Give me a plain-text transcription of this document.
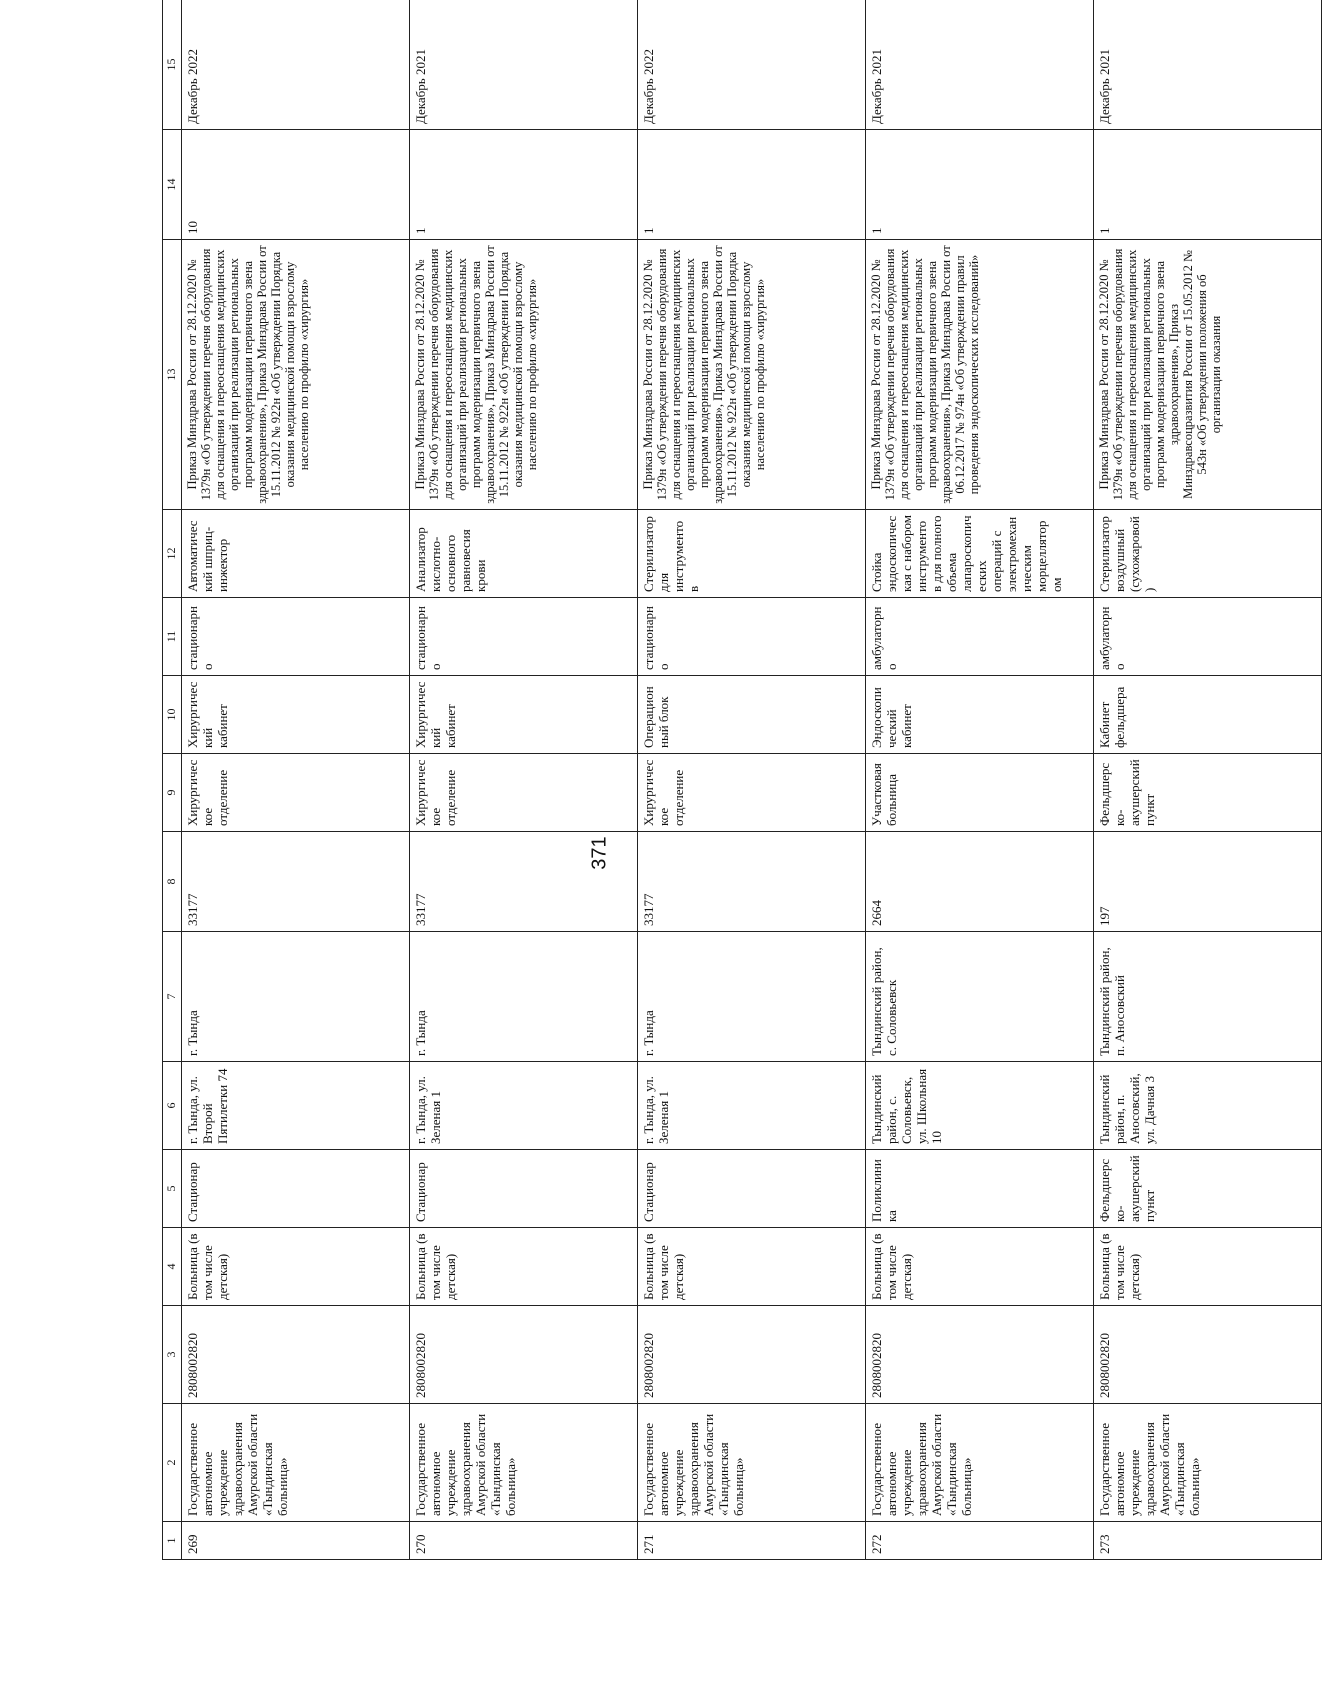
371
1	2	3	4	5	6	7	8	9	10	11	12	13	14	15
269	Государственное автономное учреждение здравоохранения Амурской области «Тындинская больница»	2808002820	Больница (в том числе детская)	Стационар	г. Тында, ул. Второй Пятилетки 74	г. Тында	33177	Хирургическое отделение	Хирургический кабинет	стационарно	Автоматический шприц-инжектор	Приказ Минздрава России от 28.12.2020 № 1379н «Об утверждении перечня оборудования для оснащения и переоснащения медицинских организаций при реализации региональных программ модернизации первичного звена здравоохранения», Приказ Минздрава России от 15.11.2012 № 922н «Об утверждении Порядка оказания медицинской помощи взрослому населению по профилю «хирургия»	10	Декабрь 2022
270	Государственное автономное учреждение здравоохранения Амурской области «Тындинская больница»	2808002820	Больница (в том числе детская)	Стационар	г. Тында, ул. Зеленая 1	г. Тында	33177	Хирургическое отделение	Хирургический кабинет	стационарно	Анализатор кислотно-основного равновесия крови	Приказ Минздрава России от 28.12.2020 № 1379н «Об утверждении перечня оборудования для оснащения и переоснащения медицинских организаций при реализации региональных программ модернизации первичного звена здравоохранения», Приказ Минздрава России от 15.11.2012 № 922н «Об утверждении Порядка оказания медицинской помощи взрослому населению по профилю «хирургия»	1	Декабрь 2021
271	Государственное автономное учреждение здравоохранения Амурской области «Тындинская больница»	2808002820	Больница (в том числе детская)	Стационар	г. Тында, ул. Зеленая 1	г. Тында	33177	Хирургическое отделение	Операционный блок	стационарно	Стерилизатор для инструментов	Приказ Минздрава России от 28.12.2020 № 1379н «Об утверждении перечня оборудования для оснащения и переоснащения медицинских организаций при реализации региональных программ модернизации первичного звена здравоохранения», Приказ Минздрава России от 15.11.2012 № 922н «Об утверждении Порядка оказания медицинской помощи взрослому населению по профилю «хирургия»	1	Декабрь 2022
272	Государственное автономное учреждение здравоохранения Амурской области «Тындинская больница»	2808002820	Больница (в том числе детская)	Поликлиника	Тындинский район, с. Соловьевск, ул. Школьная 10	Тындинский район, с. Соловьевск	2664	Участковая больница	Эндоскопический кабинет	амбулаторно	Стойка эндоскопическая с набором инструментов для полного объема лапароскопических операций с электромеханическим морцеллятором	Приказ Минздрава России от 28.12.2020 № 1379н «Об утверждении перечня оборудования для оснащения и переоснащения медицинских организаций при реализации региональных программ модернизации первичного звена здравоохранения», Приказ Минздрава России от 06.12.2017 № 974н «Об утверждении правил проведения эндоскопических исследований»	1	Декабрь 2021
273	Государственное автономное учреждение здравоохранения Амурской области «Тындинская больница»	2808002820	Больница (в том числе детская)	Фельдшерско-акушерский пункт	Тындинский район, п. Аносовский, ул. Дачная 3	Тындинский район, п. Аносовский	197	Фельдшерско-акушерский пункт	Кабинет фельдшера	амбулаторно	Стерилизатор воздушный (сухожаровой)	Приказ Минздрава России от 28.12.2020 № 1379н «Об утверждении перечня оборудования для оснащения и переоснащения медицинских организаций при реализации региональных программ модернизации первичного звена здравоохранения», Приказ Минздравсоцразвития России от 15.05.2012 № 543н «Об утверждении положения об организации оказания	1	Декабрь 2021
